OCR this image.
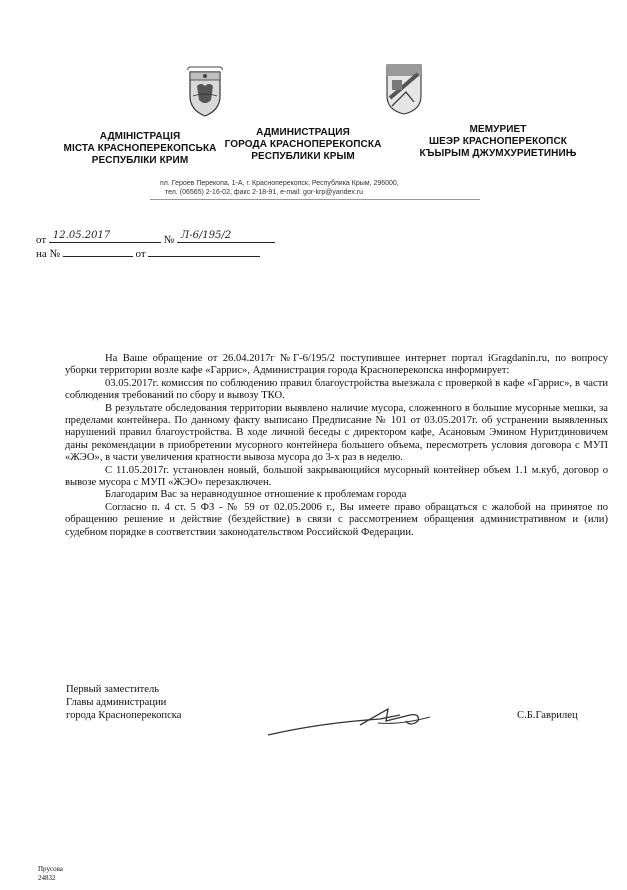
АДМІНІСТРАЦІЯ
МІСТА КРАСНОПЕРЕКОПСЬКА
РЕСПУБЛІКИ КРИМ
АДМИНИСТРАЦИЯ
ГОРОДА КРАСНОПЕРЕКОПСКА
РЕСПУБЛИКИ КРЫМ
МЕМУРИЕТ
ШЕЭР КРАСНОПЕРЕКОПСК
КЪЫРЫМ ДЖУМХУРИЕТИНИЊ
пл. Героев Перекопа, 1-А, г. Красноперекопск, Республика Крым, 296000,
тел. (06565) 2-16-02, факс 2-18-91, e-mail: gor-krp@yandex.ru
от 12.05.2017	№ Л-6/195/2
на №	от

На Ваше обращение от 26.04.2017г №Г-6/195/2 поступившее интернет портал iGragdanin.ru, по вопросу уборки территории возле кафе «Гаррис», Администрация города Красноперекопска информирует:

03.05.2017г. комиссия по соблюдению правил благоустройства выезжала с проверкой в кафе «Гаррис», в части соблюдения требований по сбору и вывозу ТКО.

В результате обследования территории выявлено наличие мусора, сложенного в большие мусорные мешки, за пределами контейнера. По данному факту выписано Предписание № 101 от 03.05.2017г. об устранении выявленных нарушений правил благоустройства. В ходе личной беседы с директором кафе, Асановым Эмином Нуритдиновичем даны рекомендации в приобретении мусорного контейнера большего объема, пересмотреть условия договора с МУП «ЖЭО», в части увеличения кратности вывоза мусора до 3-х раз в неделю.

С 11.05.2017г. установлен новый, большой закрывающийся мусорный контейнер объем 1.1 м.куб, договор о вывозе мусора с МУП «ЖЭО» перезаключен.

Благодарим Вас за неравнодушное отношение к проблемам города

Согласно п. 4 ст. 5 ФЗ - № 59 от 02.05.2006 г., Вы имеете право обращаться с жалобой на принятое по обращению решение и действие (бездействие) в связи с рассмотрением обращения административном и (или) судебном порядке в соответствии законодательством Российской Федерации.

Первый заместитель
Главы администрации
города Красноперекопска	С.Б.Гаврилец
Прусова
24832
